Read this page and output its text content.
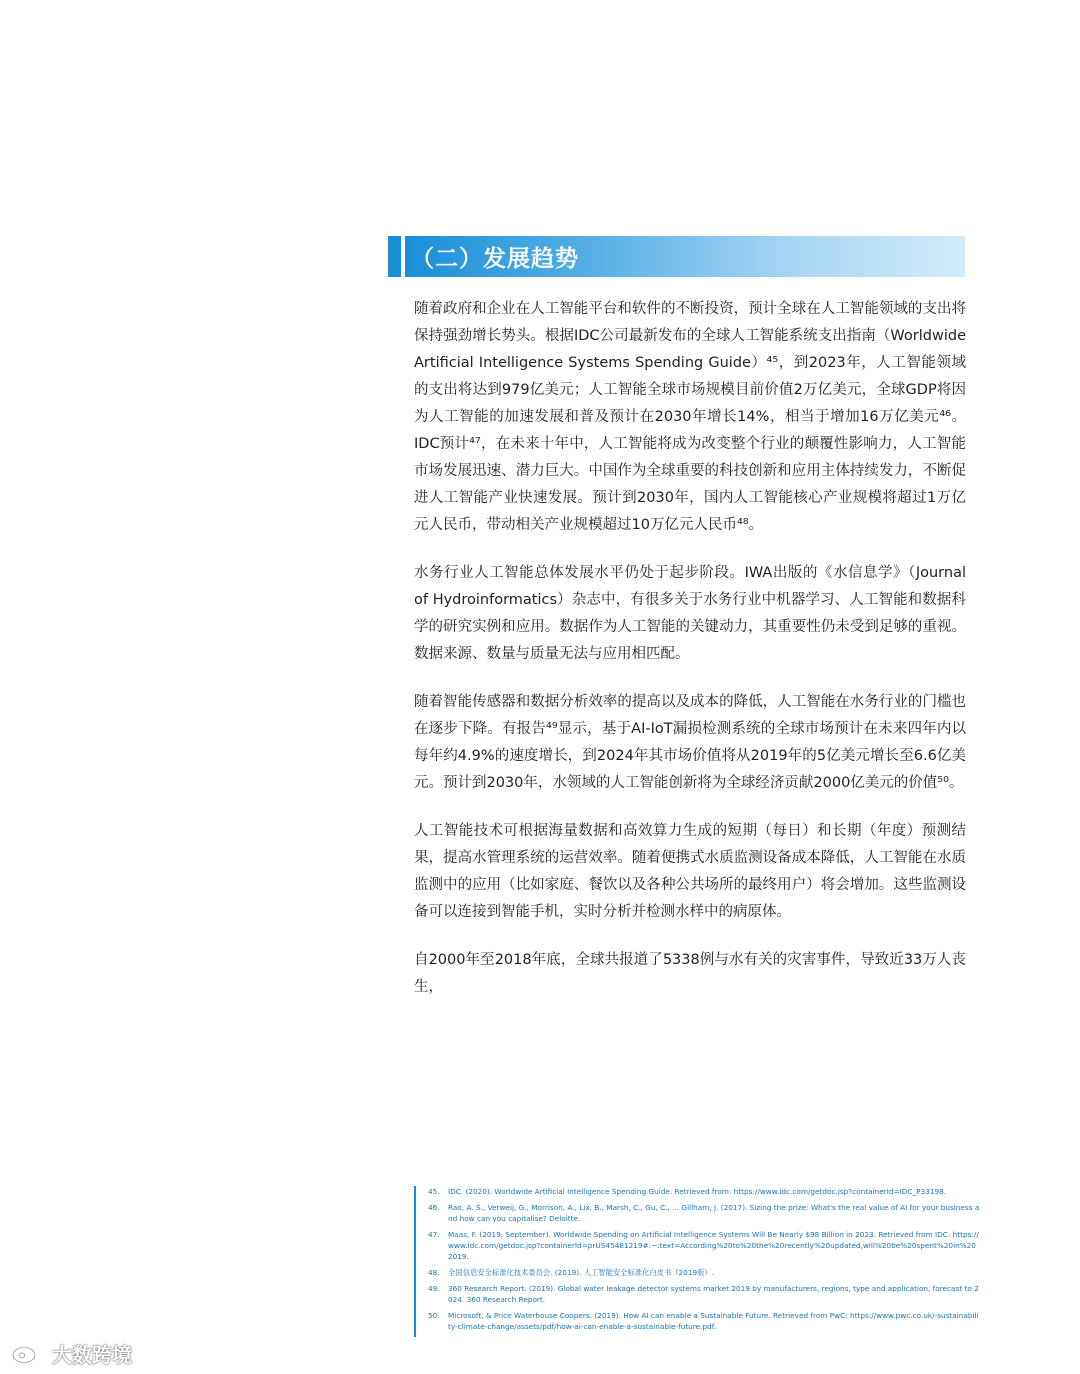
（二）发展趋势

随着政府和企业在人工智能平台和软件的不断投资，预计全球在人工智能领域的支出将保持强劲增长势头。根据IDC公司最新发布的全球人工智能系统支出指南（Worldwide Artificial Intelligence Systems Spending Guide）⁴⁵，到2023年，人工智能领域的支出将达到979亿美元；人工智能全球市场规模目前价值2万亿美元，全球GDP将因为人工智能的加速发展和普及预计在2030年增长14%，相当于增加16万亿美元⁴⁶。IDC预计⁴⁷，在未来十年中，人工智能将成为改变整个行业的颠覆性影响力，人工智能市场发展迅速、潜力巨大。中国作为全球重要的科技创新和应用主体持续发力，不断促进人工智能产业快速发展。预计到2030年，国内人工智能核心产业规模将超过1万亿元人民币，带动相关产业规模超过10万亿元人民币⁴⁸。

水务行业人工智能总体发展水平仍处于起步阶段。IWA出版的《水信息学》（Journal of Hydroinformatics）杂志中，有很多关于水务行业中机器学习、人工智能和数据科学的研究实例和应用。数据作为人工智能的关键动力，其重要性仍未受到足够的重视。数据来源、数量与质量无法与应用相匹配。

随着智能传感器和数据分析效率的提高以及成本的降低，人工智能在水务行业的门槛也在逐步下降。有报告⁴⁹显示，基于AI-IoT漏损检测系统的全球市场预计在未来四年内以每年约4.9%的速度增长，到2024年其市场价值将从2019年的5亿美元增长至6.6亿美元。预计到2030年，水领域的人工智能创新将为全球经济贡献2000亿美元的价值⁵⁰。

人工智能技术可根据海量数据和高效算力生成的短期（每日）和长期（年度）预测结果，提高水管理系统的运营效率。随着便携式水质监测设备成本降低，人工智能在水质监测中的应用（比如家庭、餐饮以及各种公共场所的最终用户）将会增加。这些监测设备可以连接到智能手机，实时分析并检测水样中的病原体。

自2000年至2018年底，全球共报道了5338例与水有关的灾害事件，导致近33万人丧生，

45.	IDC. (2020). Worldwide Artificial Intelligence Spending Guide. Retrieved from: https://www.idc.com/getdoc.jsp?containerId=IDC_P33198.
46.	Rao, A. S., Verweij, G., Morrison, A., Lix, B., Marsh, C., Gu, C., ... Gillham, J. (2017). Sizing the prize: What's the real value of AI for your business and how can you capitalise? Deloitte.
47.	Maas, F. (2019, September). Worldwide Spending on Artificial Intelligence Systems Will Be Nearly $98 Billion in 2023. Retrieved from IDC: https://www.idc.com/getdoc.jsp?containerId=prUS45481219#:~:text=According%20to%20the%20recently%20updated,will%20be%20spent%20in%202019.
48.	全国信息安全标准化技术委员会. (2019). 人工智能安全标准化白皮书（2019版）.
49.	360 Research Report. (2019). Global water leakage detector systems market 2019 by manufacturers, regions, type and application, forecast to 2024. 360 Research Report.
50.	Microsoft, & Price Waterhouse Coopers. (2019). How AI can enable a Sustainable Future. Retrieved from PwC: https://www.pwc.co.uk/-sustainability-climate-change/assets/pdf/how-ai-can-enable-a-sustainable-future.pdf.
大数跨境
